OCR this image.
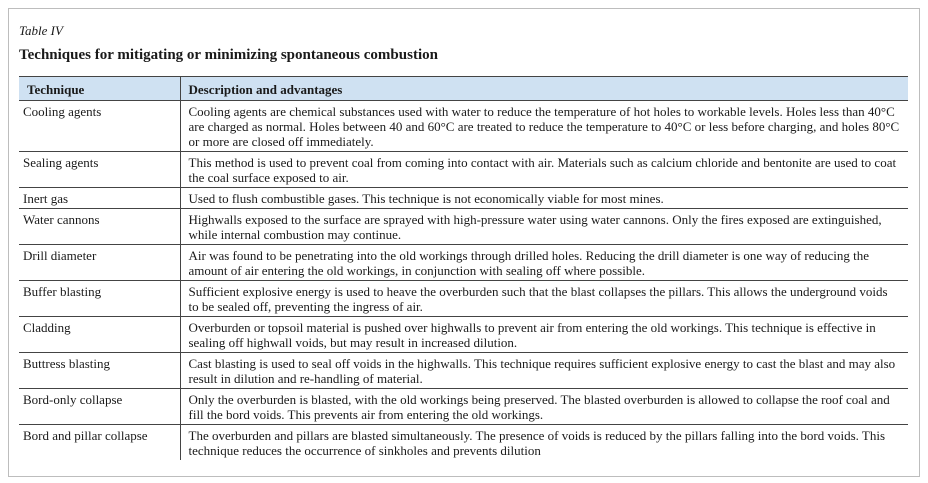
Table IV
Techniques for mitigating or minimizing spontaneous combustion
Technique	Description and advantages
Cooling agents	Cooling agents are chemical substances used with water to reduce the temperature of hot holes to workable levels. Holes less than 40°C are charged as normal. Holes between 40 and 60°C are treated to reduce the temperature to 40°C or less before charging, and holes 80°C or more are closed off immediately.
Sealing agents	This method is used to prevent coal from coming into contact with air. Materials such as calcium chloride and bentonite are used to coat the coal surface exposed to air.
Inert gas	Used to flush combustible gases. This technique is not economically viable for most mines.
Water cannons	Highwalls exposed to the surface are sprayed with high-pressure water using water cannons. Only the fires exposed are extinguished, while internal combustion may continue.
Drill diameter	Air was found to be penetrating into the old workings through drilled holes. Reducing the drill diameter is one way of reducing the amount of air entering the old workings, in conjunction with sealing off where possible.
Buffer blasting	Sufficient explosive energy is used to heave the overburden such that the blast collapses the pillars. This allows the underground voids to be sealed off, preventing the ingress of air.
Cladding	Overburden or topsoil material is pushed over highwalls to prevent air from entering the old workings. This technique is effective in sealing off highwall voids, but may result in increased dilution.
Buttress blasting	Cast blasting is used to seal off voids in the highwalls. This technique requires sufficient explosive energy to cast the blast and may also result in dilution and re-handling of material.
Bord-only collapse	Only the overburden is blasted, with the old workings being preserved. The blasted overburden is allowed to collapse the roof coal and fill the bord voids. This prevents air from entering the old workings.
Bord and pillar collapse	The overburden and pillars are blasted simultaneously. The presence of voids is reduced by the pillars falling into the bord voids. This technique reduces the occurrence of sinkholes and prevents dilution
